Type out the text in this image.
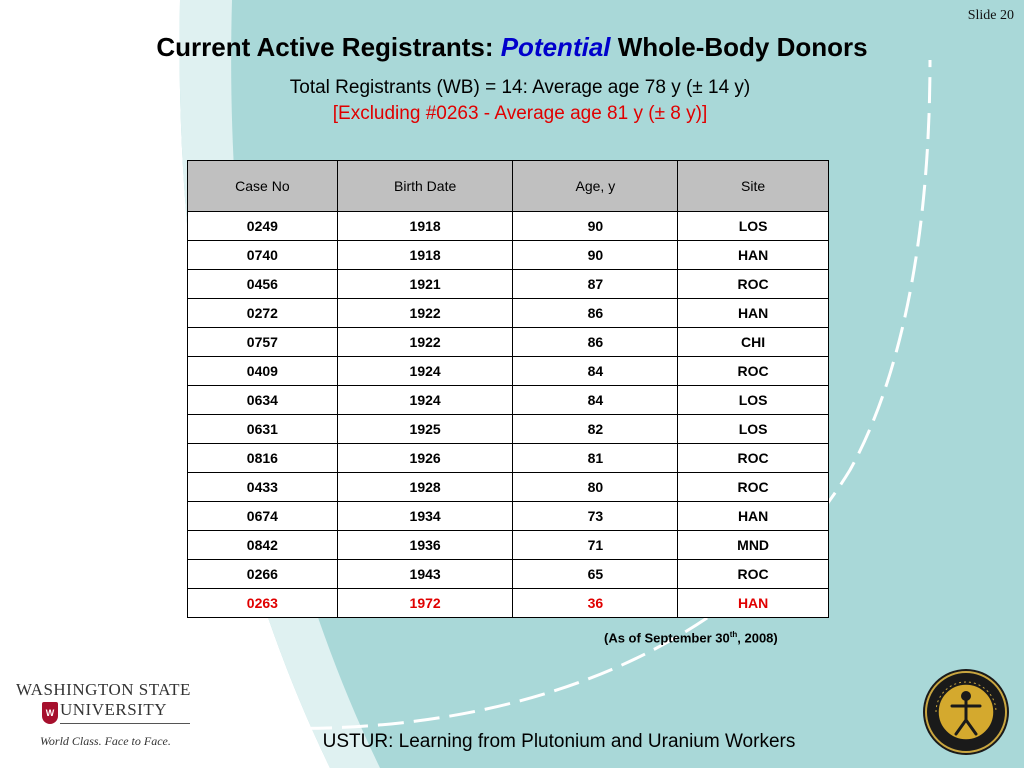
Slide 20
Current Active Registrants: Potential Whole-Body Donors
Total Registrants (WB) = 14: Average age 78 y (± 14 y)
[Excluding #0263 - Average age 81 y (± 8 y)]
Case No	Birth Date	Age, y	Site
0249	1918	90	LOS
0740	1918	90	HAN
0456	1921	87	ROC
0272	1922	86	HAN
0757	1922	86	CHI
0409	1924	84	ROC
0634	1924	84	LOS
0631	1925	82	LOS
0816	1926	81	ROC
0433	1928	80	ROC
0674	1934	73	HAN
0842	1936	71	MND
0266	1943	65	ROC
0263	1972	36	HAN
(As of September 30th, 2008)
WASHINGTON STATE
W UNIVERSITY
World Class. Face to Face.	USTUR: Learning from Plutonium and Uranium Workers
